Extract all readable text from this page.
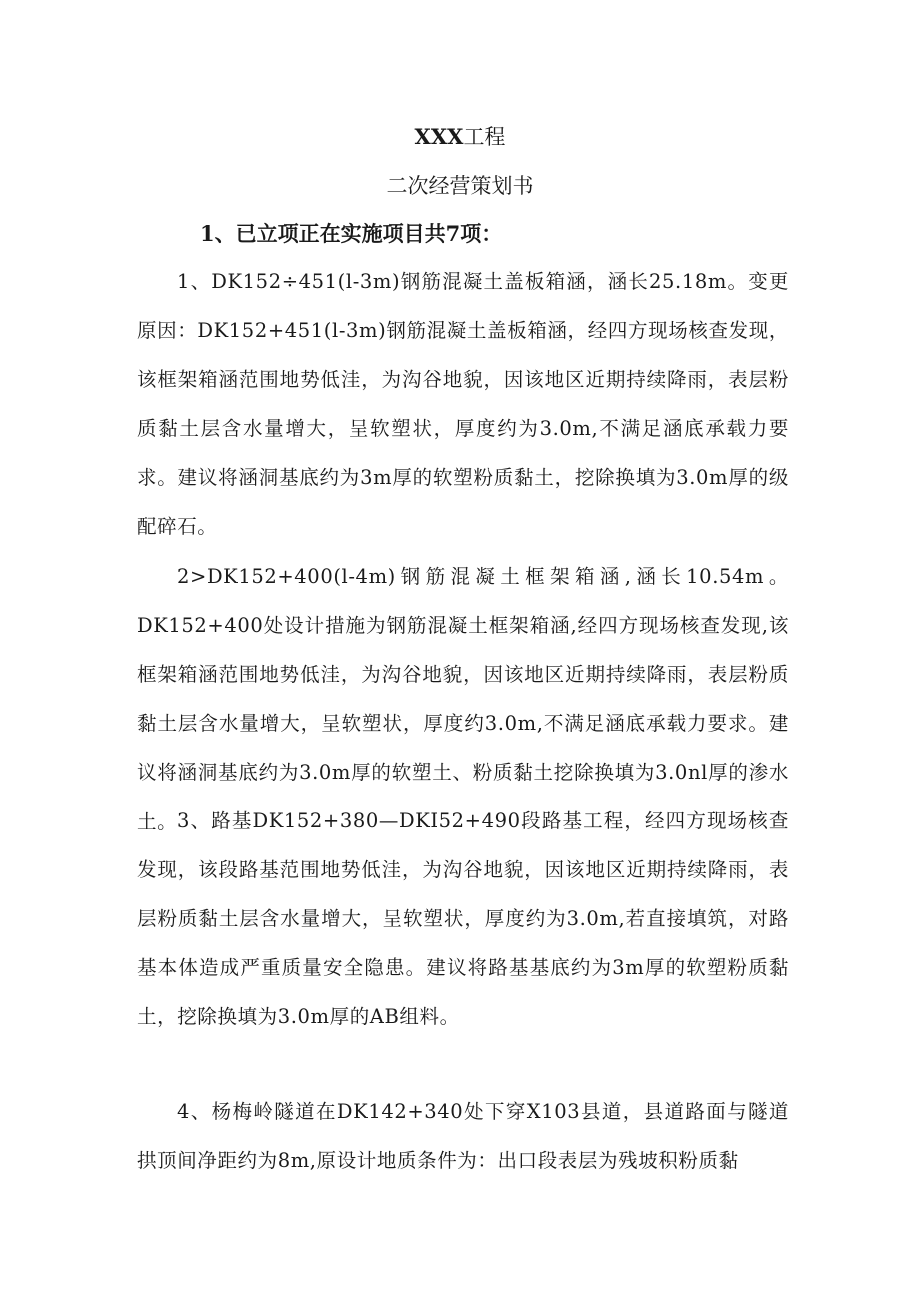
XXX工程
二次经营策划书
1、已立项正在实施项目共7项：

1、DK152÷451(l-3m)钢筋混凝土盖板箱涵，涵长25.18m。变更原因：DK152+451(l-3m)钢筋混凝土盖板箱涵，经四方现场核查发现，该框架箱涵范围地势低洼，为沟谷地貌，因该地区近期持续降雨，表层粉质黏土层含水量增大，呈软塑状，厚度约为3.0m,不满足涵底承载力要求。建议将涵洞基底约为3m厚的软塑粉质黏土，挖除换填为3.0m厚的级配碎石。

2>DK152+400(l-4m)钢筋混凝土框架箱涵,涵长10.54m。DK152+400处设计措施为钢筋混凝土框架箱涵,经四方现场核查发现,该框架箱涵范围地势低洼，为沟谷地貌，因该地区近期持续降雨，表层粉质黏土层含水量增大，呈软塑状，厚度约3.0m,不满足涵底承载力要求。建议将涵洞基底约为3.0m厚的软塑土、粉质黏土挖除换填为3.0nl厚的渗水土。 3、路基DK152+380—DKI52+490段路基工程，经四方现场核查发现，该段路基范围地势低洼，为沟谷地貌，因该地区近期持续降雨，表层粉质黏土层含水量增大，呈软塑状，厚度约为3.0m,若直接填筑，对路基本体造成严重质量安全隐患。建议将路基基底约为3m厚的软塑粉质黏土，挖除换填为3.0m厚的AB组料。

4、杨梅岭隧道在DK142+340处下穿X103县道，县道路面与隧道拱顶间净距约为8m,原设计地质条件为：出口段表层为残坡积粉质黏
